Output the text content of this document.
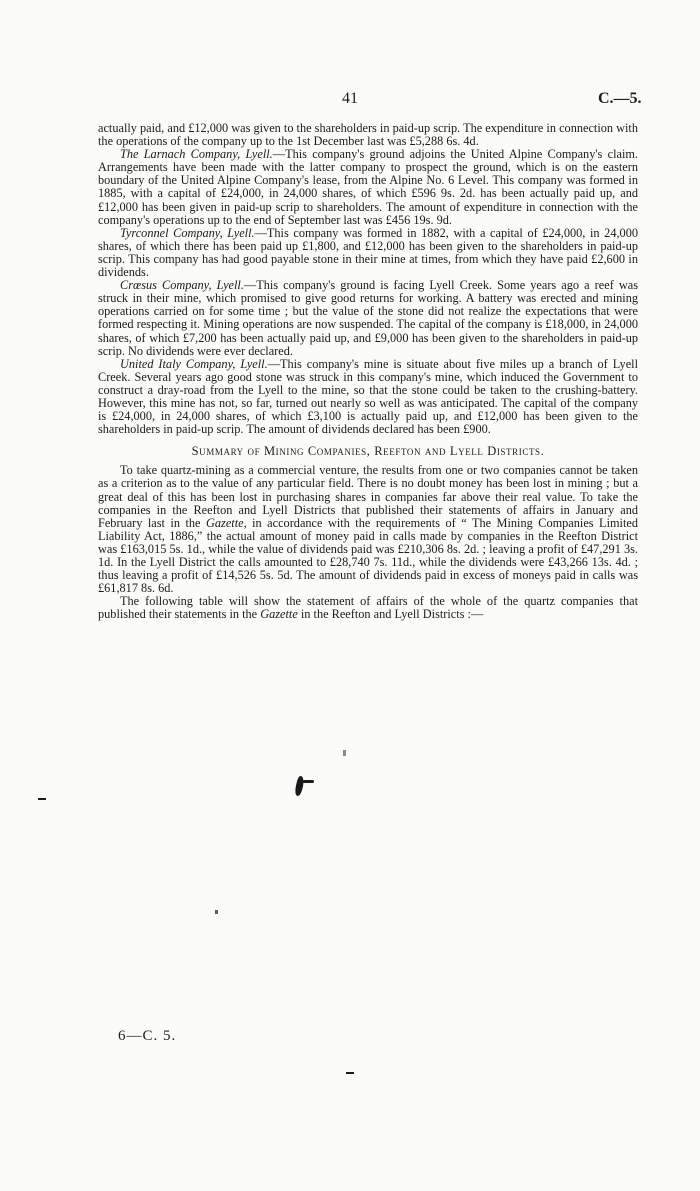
41	C.—5.

actually paid, and £12,000 was given to the shareholders in paid-up scrip. The expenditure in connection with the operations of the company up to the 1st December last was £5,288 6s. 4d.

The Larnach Company, Lyell.—This company's ground adjoins the United Alpine Company's claim. Arrangements have been made with the latter company to prospect the ground, which is on the eastern boundary of the United Alpine Company's lease, from the Alpine No. 6 Level. This company was formed in 1885, with a capital of £24,000, in 24,000 shares, of which £596 9s. 2d. has been actually paid up, and £12,000 has been given in paid-up scrip to shareholders. The amount of expenditure in connection with the company's operations up to the end of September last was £456 19s. 9d.

Tyrconnel Company, Lyell.—This company was formed in 1882, with a capital of £24,000, in 24,000 shares, of which there has been paid up £1,800, and £12,000 has been given to the shareholders in paid-up scrip. This company has had good payable stone in their mine at times, from which they have paid £2,600 in dividends.

Crœsus Company, Lyell.—This company's ground is facing Lyell Creek. Some years ago a reef was struck in their mine, which promised to give good returns for working. A battery was erected and mining operations carried on for some time ; but the value of the stone did not realize the expectations that were formed respecting it. Mining operations are now suspended. The capital of the company is £18,000, in 24,000 shares, of which £7,200 has been actually paid up, and £9,000 has been given to the shareholders in paid-up scrip. No dividends were ever declared.

United Italy Company, Lyell.—This company's mine is situate about five miles up a branch of Lyell Creek. Several years ago good stone was struck in this company's mine, which induced the Government to construct a dray-road from the Lyell to the mine, so that the stone could be taken to the crushing-battery. However, this mine has not, so far, turned out nearly so well as was anticipated. The capital of the company is £24,000, in 24,000 shares, of which £3,100 is actually paid up, and £12,000 has been given to the shareholders in paid-up scrip. The amount of dividends declared has been £900.

Summary of Mining Companies, Reefton and Lyell Districts.

To take quartz-mining as a commercial venture, the results from one or two companies cannot be taken as a criterion as to the value of any particular field. There is no doubt money has been lost in mining ; but a great deal of this has been lost in purchasing shares in companies far above their real value. To take the companies in the Reefton and Lyell Districts that published their statements of affairs in January and February last in the Gazette, in accordance with the requirements of “ The Mining Companies Limited Liability Act, 1886,” the actual amount of money paid in calls made by companies in the Reefton District was £163,015 5s. 1d., while the value of dividends paid was £210,306 8s. 2d. ; leaving a profit of £47,291 3s. 1d. In the Lyell District the calls amounted to £28,740 7s. 11d., while the dividends were £43,266 13s. 4d. ; thus leaving a profit of £14,526 5s. 5d. The amount of dividends paid in excess of moneys paid in calls was £61,817 8s. 6d.

The following table will show the statement of affairs of the whole of the quartz companies that published their statements in the Gazette in the Reefton and Lyell Districts :—

6—C. 5.
